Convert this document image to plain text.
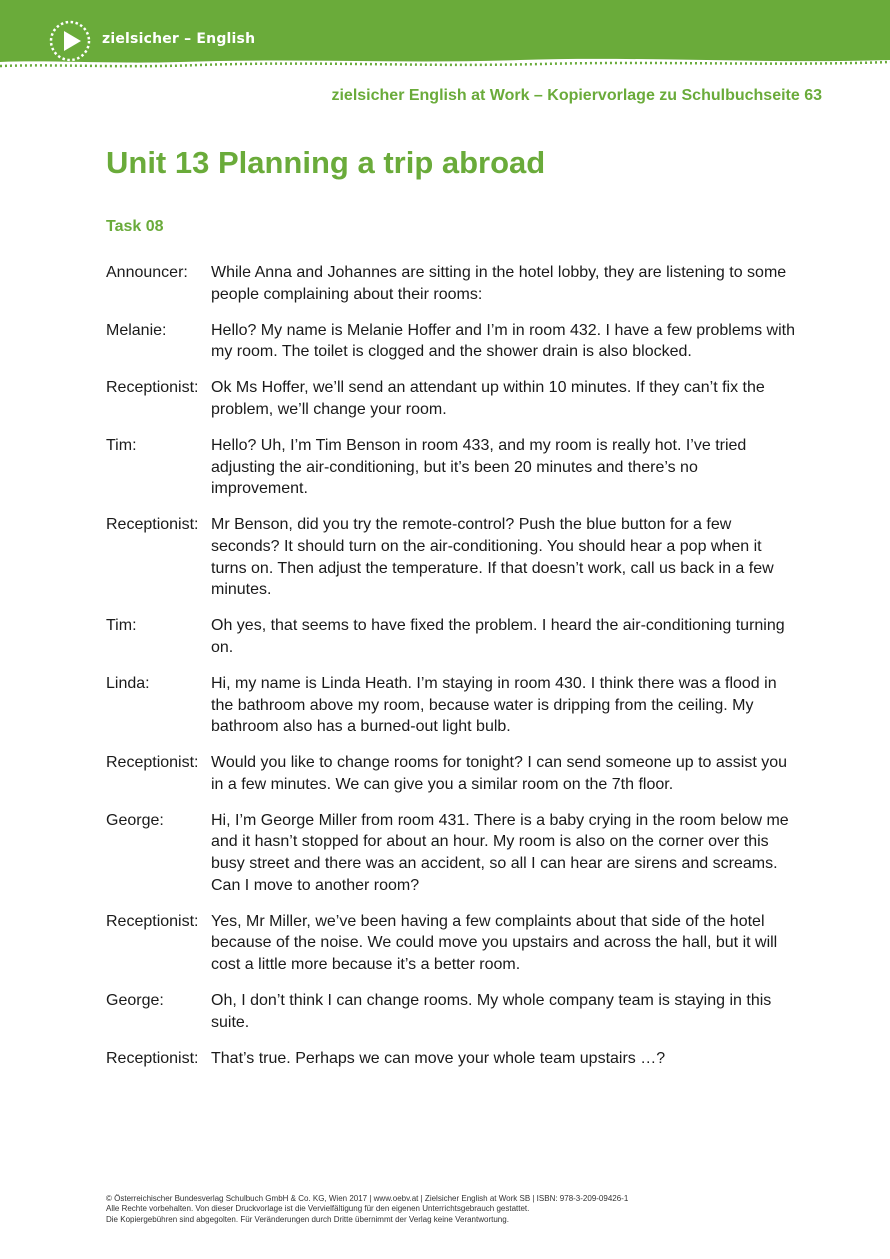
zielsicher – English
zielsicher English at Work – Kopiervorlage zu Schulbuchseite 63
Unit 13 Planning a trip abroad
Task 08
Announcer:	While Anna and Johannes are sitting in the hotel lobby, they are listening to some people complaining about their rooms:
Melanie:	Hello? My name is Melanie Hoffer and I’m in room 432. I have a few problems with my room. The toilet is clogged and the shower drain is also blocked.
Receptionist: Ok Ms Hoffer, we’ll send an attendant up within 10 minutes. If they can’t fix the problem, we’ll change your room.
Tim:	Hello? Uh, I’m Tim Benson in room 433, and my room is really hot. I’ve tried adjusting the air-conditioning, but it’s been 20 minutes and there’s no improvement.
Receptionist: Mr Benson, did you try the remote-control? Push the blue button for a few seconds? It should turn on the air-conditioning. You should hear a pop when it turns on. Then adjust the temperature. If that doesn’t work, call us back in a few minutes.
Tim:	Oh yes, that seems to have fixed the problem. I heard the air-conditioning turning on.
Linda:	Hi, my name is Linda Heath. I’m staying in room 430. I think there was a flood in the bathroom above my room, because water is dripping from the ceiling. My bathroom also has a burned-out light bulb.
Receptionist: Would you like to change rooms for tonight? I can send someone up to assist you in a few minutes. We can give you a similar room on the 7th floor.
George:	Hi, I’m George Miller from room 431. There is a baby crying in the room below me and it hasn’t stopped for about an hour. My room is also on the corner over this busy street and there was an accident, so all I can hear are sirens and screams. Can I move to another room?
Receptionist: Yes, Mr Miller, we’ve been having a few complaints about that side of the hotel because of the noise. We could move you upstairs and across the hall, but it will cost a little more because it’s a better room.
George:	Oh, I don’t think I can change rooms. My whole company team is staying in this suite.
Receptionist: That’s true. Perhaps we can move your whole team upstairs …?
© Österreichischer Bundesverlag Schulbuch GmbH & Co. KG, Wien 2017 | www.oebv.at | Zielsicher English at Work SB | ISBN: 978-3-209-09426-1
Alle Rechte vorbehalten. Von dieser Druckvorlage ist die Vervielfältigung für den eigenen Unterrichtsgebrauch gestattet.
Die Kopiergebühren sind abgegolten. Für Veränderungen durch Dritte übernimmt der Verlag keine Verantwortung.
